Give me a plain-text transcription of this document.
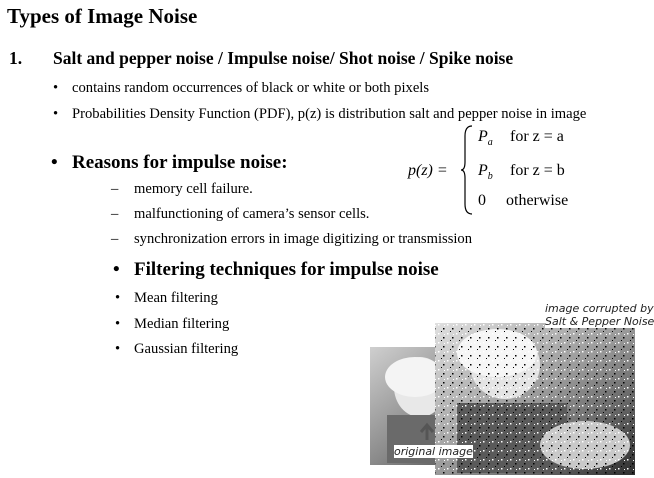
Types of Image Noise
1. Salt and pepper noise / Impulse noise/ Shot noise / Spike noise
• contains random occurrences of black or white or both pixels
• Probabilities Density Function (PDF), p(z) is distribution salt and pepper noise in image
• Reasons for impulse noise:
– memory cell failure.
– malfunctioning of camera’s sensor cells.
– synchronization errors in image digitizing or transmission
• Filtering techniques for impulse noise
• Mean filtering
• Median filtering
• Gaussian filtering
p(z) =
$P_a$ for z = a
$P_b$ for z = b
0 otherwise
image corrupted by
Salt & Pepper Noise
original image
